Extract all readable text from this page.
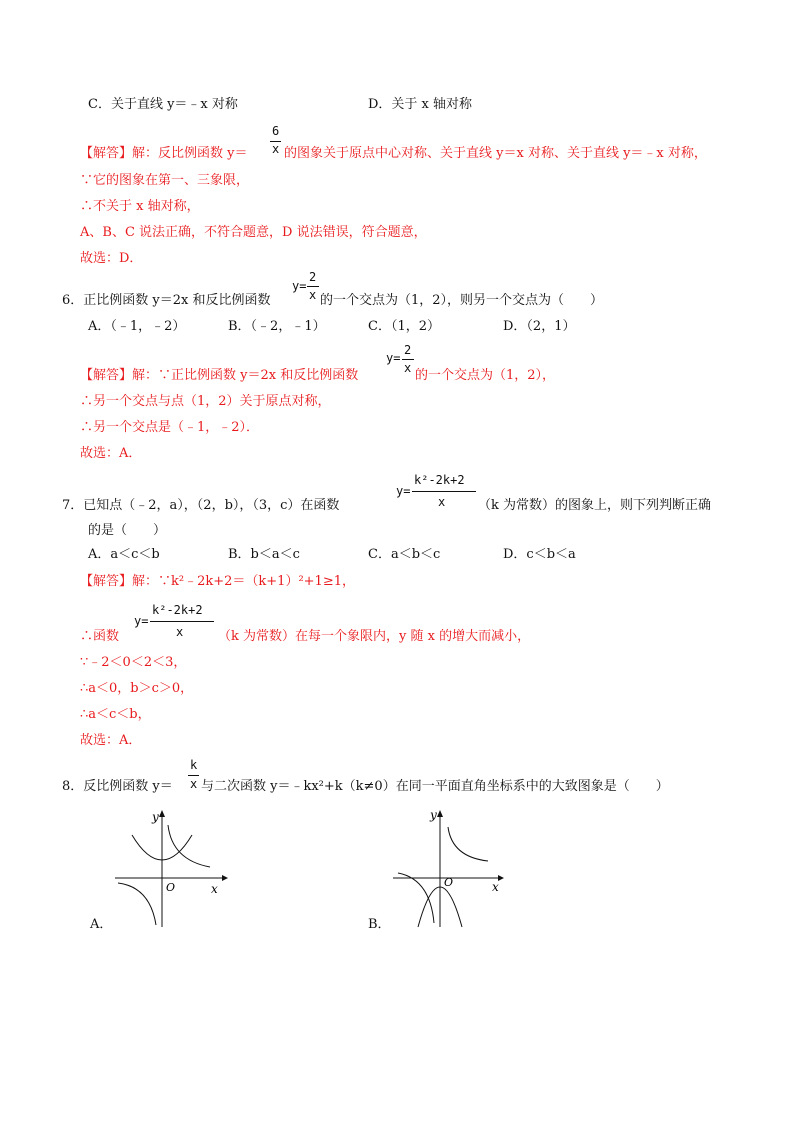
C．关于直线 y＝﹣x 对称	D．关于 x 轴对称
【解答】解：反比例函数 y＝
6
x 的图象关于原点中心对称、关于直线 y＝x 对称、关于直线 y＝﹣x 对称，
∵它的图象在第一、三象限，
∴不关于 x 轴对称，
A、B、C 说法正确，不符合题意，D 说法错误，符合题意，
故选：D．
6．正比例函数 y＝2x 和反比例函数
y=
2
x 的一个交点为（1，2），则另一个交点为（　　）
A．（﹣1，﹣2）	B．（﹣2，﹣1）	C．（1，2）	D．（2，1）
【解答】解：∵正比例函数 y＝2x 和反比例函数
y=
2
x 的一个交点为（1，2），
∴另一个交点与点（1，2）关于原点对称，
∴另一个交点是（﹣1，﹣2）．
故选：A．
7．已知点（﹣2，a），（2，b），（3，c）在函数
y=
k²-2k+2
x	（k 为常数）的图象上，则下列判断正确
的是（　　）
A．a＜c＜b	B．b＜a＜c	C．a＜b＜c	D．c＜b＜a
【解答】解：∵k²﹣2k+2＝（k+1）²+1≥1，
∴函数
y=
k²-2k+2
x	（k 为常数）在每一个象限内，y 随 x 的增大而减小，
∵﹣2＜0＜2＜3，
∴a＜0，b＞c＞0，
∴a＜c＜b，
故选：A．
8．反比例函数 y＝
k
x 与二次函数 y＝﹣kx²+k（k≠0）在同一平面直角坐标系中的大致图象是（　　）
y
x
O
A．
y
x
O
B．
